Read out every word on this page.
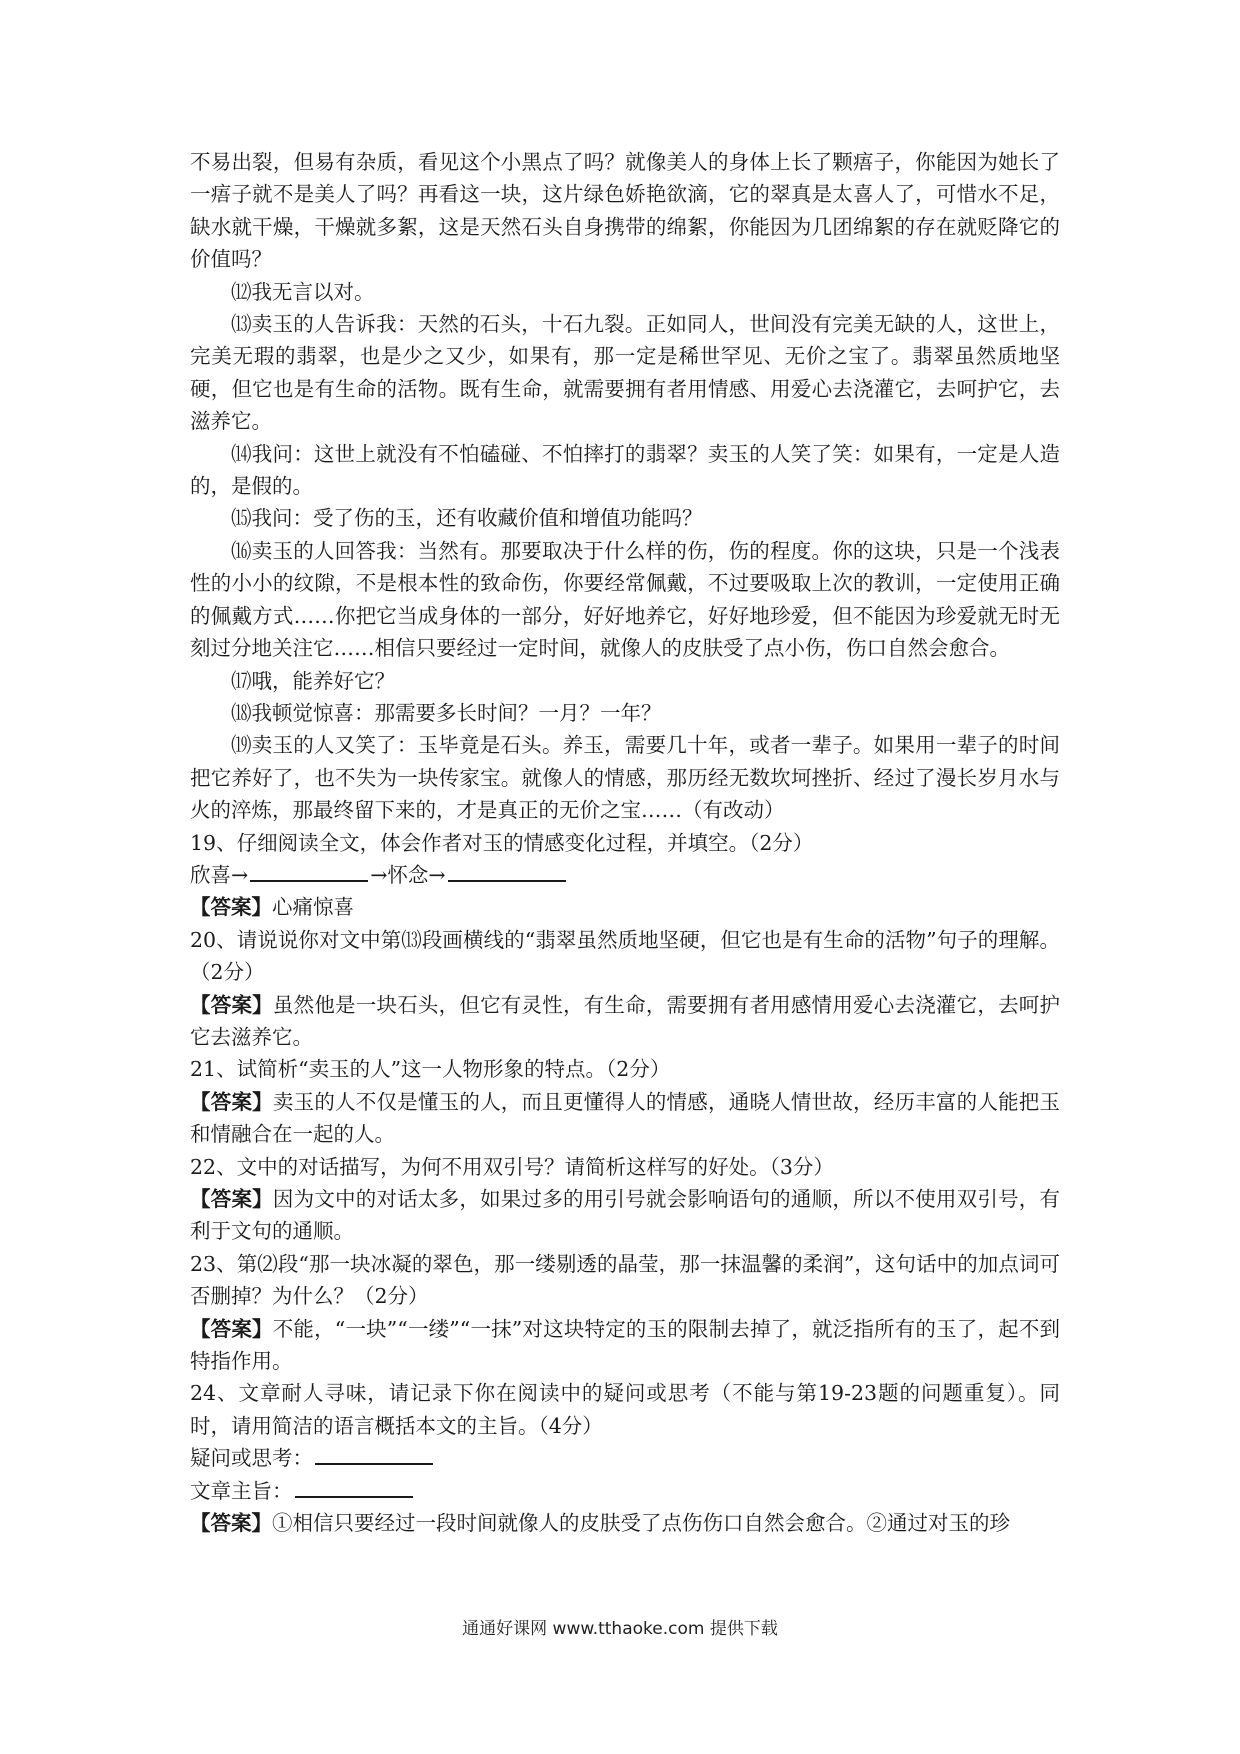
不易出裂，但易有杂质，看见这个小黑点了吗？就像美人的身体上长了颗痦子，你能因为她长了一痦子就不是美人了吗？再看这一块，这片绿色娇艳欲滴，它的翠真是太喜人了，可惜水不足，缺水就干燥，干燥就多絮，这是天然石头自身携带的绵絮，你能因为几团绵絮的存在就贬降它的价值吗？

⑿我无言以对。

⒀卖玉的人告诉我：天然的石头，十石九裂。正如同人，世间没有完美无缺的人，这世上，完美无瑕的翡翠，也是少之又少，如果有，那一定是稀世罕见、无价之宝了。翡翠虽然质地坚硬，但它也是有生命的活物。既有生命，就需要拥有者用情感、用爱心去浇灌它，去呵护它，去滋养它。

⒁我问：这世上就没有不怕磕碰、不怕摔打的翡翠？卖玉的人笑了笑：如果有，一定是人造的，是假的。

⒂我问：受了伤的玉，还有收藏价值和增值功能吗？

⒃卖玉的人回答我：当然有。那要取决于什么样的伤，伤的程度。你的这块，只是一个浅表性的小小的纹隙，不是根本性的致命伤，你要经常佩戴，不过要吸取上次的教训，一定使用正确的佩戴方式……你把它当成身体的一部分，好好地养它，好好地珍爱，但不能因为珍爱就无时无刻过分地关注它……相信只要经过一定时间，就像人的皮肤受了点小伤，伤口自然会愈合。

⒄哦，能养好它？

⒅我顿觉惊喜：那需要多长时间？一月？一年？

⒆卖玉的人又笑了：玉毕竟是石头。养玉，需要几十年，或者一辈子。如果用一辈子的时间把它养好了，也不失为一块传家宝。就像人的情感，那历经无数坎坷挫折、经过了漫长岁月水与火的淬炼，那最终留下来的，才是真正的无价之宝……（有改动）

19、仔细阅读全文，体会作者对玉的情感变化过程，并填空。（2分）

欣喜→	→怀念→

【答案】心痛惊喜

20、请说说你对文中第⒀段画横线的“翡翠虽然质地坚硬，但它也是有生命的活物”句子的理解。（2分）

【答案】虽然他是一块石头，但它有灵性，有生命，需要拥有者用感情用爱心去浇灌它，去呵护它去滋养它。

21、试简析“卖玉的人”这一人物形象的特点。（2分）

【答案】卖玉的人不仅是懂玉的人，而且更懂得人的情感，通晓人情世故，经历丰富的人能把玉和情融合在一起的人。

22、文中的对话描写，为何不用双引号？请简析这样写的好处。（3分）

【答案】因为文中的对话太多，如果过多的用引号就会影响语句的通顺，所以不使用双引号，有利于文句的通顺。

23、第⑵段“那一块冰凝的翠色，那一缕剔透的晶莹，那一抹温馨的柔润”，这句话中的加点词可否删掉？为什么？（2分）

【答案】不能，“一块”“一缕”“一抹”对这块特定的玉的限制去掉了，就泛指所有的玉了，起不到特指作用。

24、文章耐人寻味，请记录下你在阅读中的疑问或思考（不能与第19-23题的问题重复）。同时，请用简洁的语言概括本文的主旨。（4分）

疑问或思考：

文章主旨：

【答案】①相信只要经过一段时间就像人的皮肤受了点伤伤口自然会愈合。②通过对玉的珍

通通好课网 www.tthaoke.com 提供下载
